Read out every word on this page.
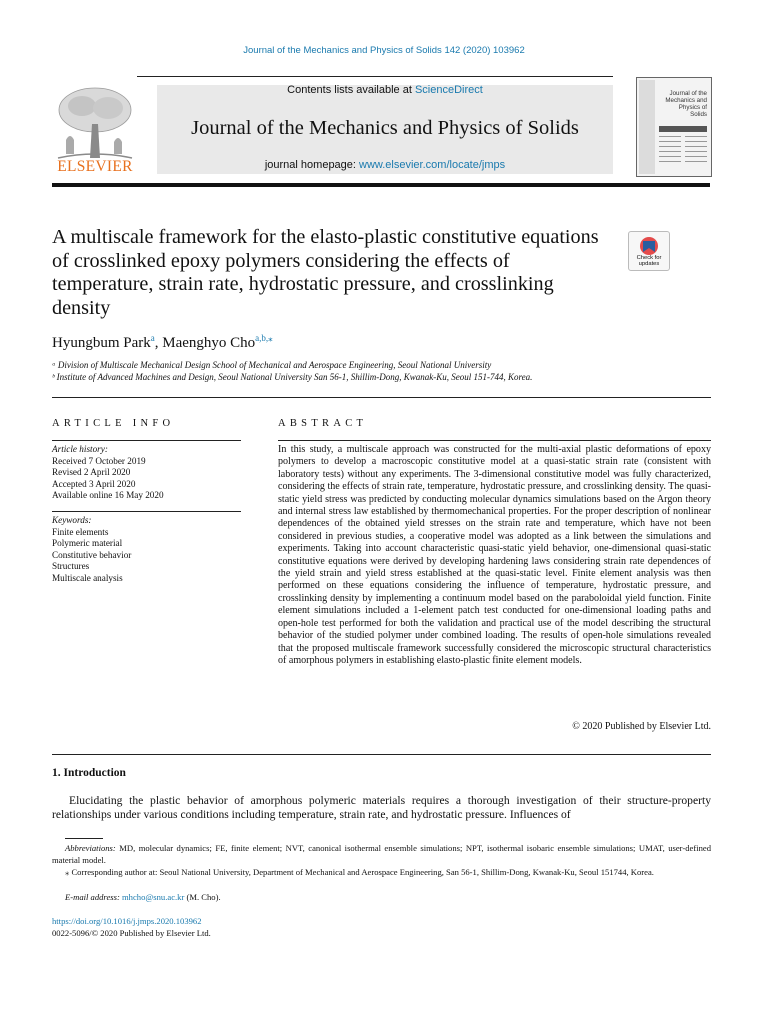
Journal of the Mechanics and Physics of Solids 142 (2020) 103962
ELSEVIER
Contents lists available at ScienceDirect
Journal of the Mechanics and Physics of Solids
journal homepage: www.elsevier.com/locate/jmps
Journal of the Mechanics and Physics of Solids
A multiscale framework for the elasto-plastic constitutive equations of crosslinked epoxy polymers considering the effects of temperature, strain rate, hydrostatic pressure, and crosslinking density
Check for
updates
Hyungbum Park$^a$, Maenghyo Cho$^{a,b,⁎}$
ᵃ Division of Multiscale Mechanical Design School of Mechanical and Aerospace Engineering, Seoul National University
ᵇ Institute of Advanced Machines and Design, Seoul National University San 56-1, Shillim-Dong, Kwanak-Ku, Seoul 151-744, Korea.
ARTICLE INFO
Article history:
Received 7 October 2019
Revised 2 April 2020
Accepted 3 April 2020
Available online 16 May 2020
Keywords:
Finite elements
Polymeric material
Constitutive behavior
Structures
Multiscale analysis
ABSTRACT
In this study, a multiscale approach was constructed for the multi-axial plastic deformations of epoxy polymers to develop a macroscopic constitutive model at a quasi-static strain rate (consistent with laboratory tests) without any experiments. The 3-dimensional constitutive model was fully characterized, considering the effects of strain rate, temperature, hydrostatic pressure, and crosslinking density. The quasi-static yield stress was predicted by conducting molecular dynamics simulations based on the Argon theory and internal stress law established by thermomechanical properties. For the proper description of nonlinear dependences of the obtained yield stresses on the strain rate and temperature, which have not been considered in previous studies, a cooperative model was adopted as a link between the simulations and experiments. Taking into account characteristic quasi-static yield behavior, one-dimensional quasi-static constitutive equations were derived by developing hardening laws considering strain rate dependences of the yield strain and yield stress established at the quasi-static level. Finite element analysis was then performed on these equations considering the influence of temperature, hydrostatic pressure, and crosslinking density by implementing a continuum model based on the paraboloidal yield function. Finite element simulations included a 1-element patch test conducted for one-dimensional loading paths and open-hole test performed for both the validation and practical use of the model describing the structural behavior of the studied polymer under combined loading. The results of open-hole simulations revealed that the proposed multiscale framework successfully considered the microscopic structural characteristics of amorphous polymers in establishing elasto-plastic finite element models.
© 2020 Published by Elsevier Ltd.
1. Introduction
Elucidating the plastic behavior of amorphous polymeric materials requires a thorough investigation of their structure-property relationships under various conditions including temperature, strain rate, and hydrostatic pressure. Influences of
Abbreviations: MD, molecular dynamics; FE, finite element; NVT, canonical isothermal ensemble simulations; NPT, isothermal isobaric ensemble simulations; UMAT, user-defined material model.
⁎ Corresponding author at: Seoul National University, Department of Mechanical and Aerospace Engineering, San 56-1, Shillim-Dong, Kwanak-Ku, Seoul 151744, Korea.
E-mail address: mhcho@snu.ac.kr (M. Cho).
https://doi.org/10.1016/j.jmps.2020.103962
0022-5096/© 2020 Published by Elsevier Ltd.
